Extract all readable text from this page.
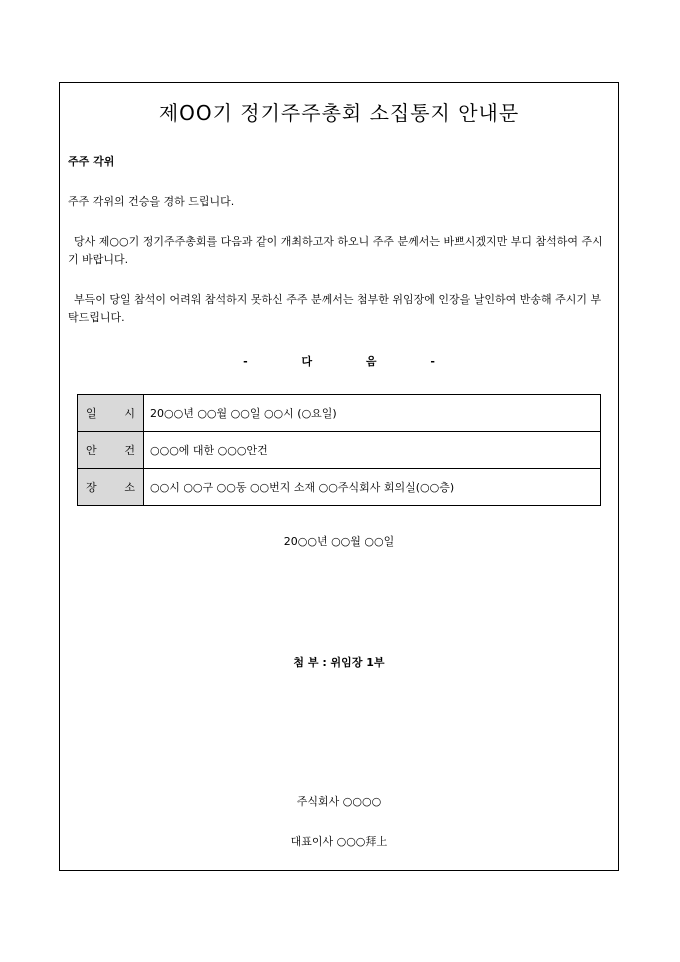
제OO기 정기주주총회 소집통지 안내문
주주 각위
주주 각위의 건승을 경하 드립니다.
당사 제○○기 정기주주총회를 다음과 같이 개최하고자 하오니 주주 분께서는 바쁘시겠지만 부디 참석하여 주시기 바랍니다.
부득이 당일 참석이 어려워 참석하지 못하신 주주 분께서는 첨부한 위임장에 인장을 날인하여 반송해 주시기 부탁드립니다.
- 다 음 -
일 시	20○○년 ○○월 ○○일 ○○시 (○요일)
안 건	○○○에 대한 ○○○안건
장 소	○○시 ○○구 ○○동 ○○번지 소재 ○○주식회사 회의실(○○층)
20○○년 ○○월 ○○일
첨 부 : 위임장 1부
주식회사 ○○○○
대표이사 ○○○拜上
